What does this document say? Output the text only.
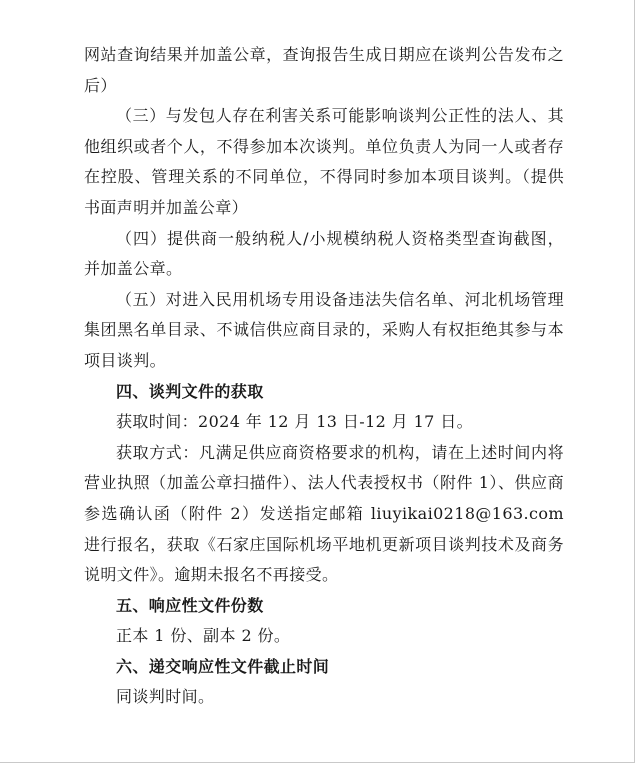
网站查询结果并加盖公章，查询报告生成日期应在谈判公告发布之后）

（三）与发包人存在利害关系可能影响谈判公正性的法人、其他组织或者个人，不得参加本次谈判。单位负责人为同一人或者存在控股、管理关系的不同单位，不得同时参加本项目谈判。（提供书面声明并加盖公章）

（四）提供商一般纳税人/小规模纳税人资格类型查询截图，并加盖公章。

（五）对进入民用机场专用设备违法失信名单、河北机场管理集团黑名单目录、不诚信供应商目录的，采购人有权拒绝其参与本项目谈判。

四、谈判文件的获取

获取时间：2024 年 12 月 13 日-12 月 17 日。

获取方式：凡满足供应商资格要求的机构，请在上述时间内将营业执照（加盖公章扫描件）、法人代表授权书（附件 1）、供应商参选确认函（附件 2）发送指定邮箱 liuyikai0218@163.com 进行报名，获取《石家庄国际机场平地机更新项目谈判技术及商务说明文件》。逾期未报名不再接受。

五、响应性文件份数

正本 1 份、副本 2 份。

六、递交响应性文件截止时间

同谈判时间。
